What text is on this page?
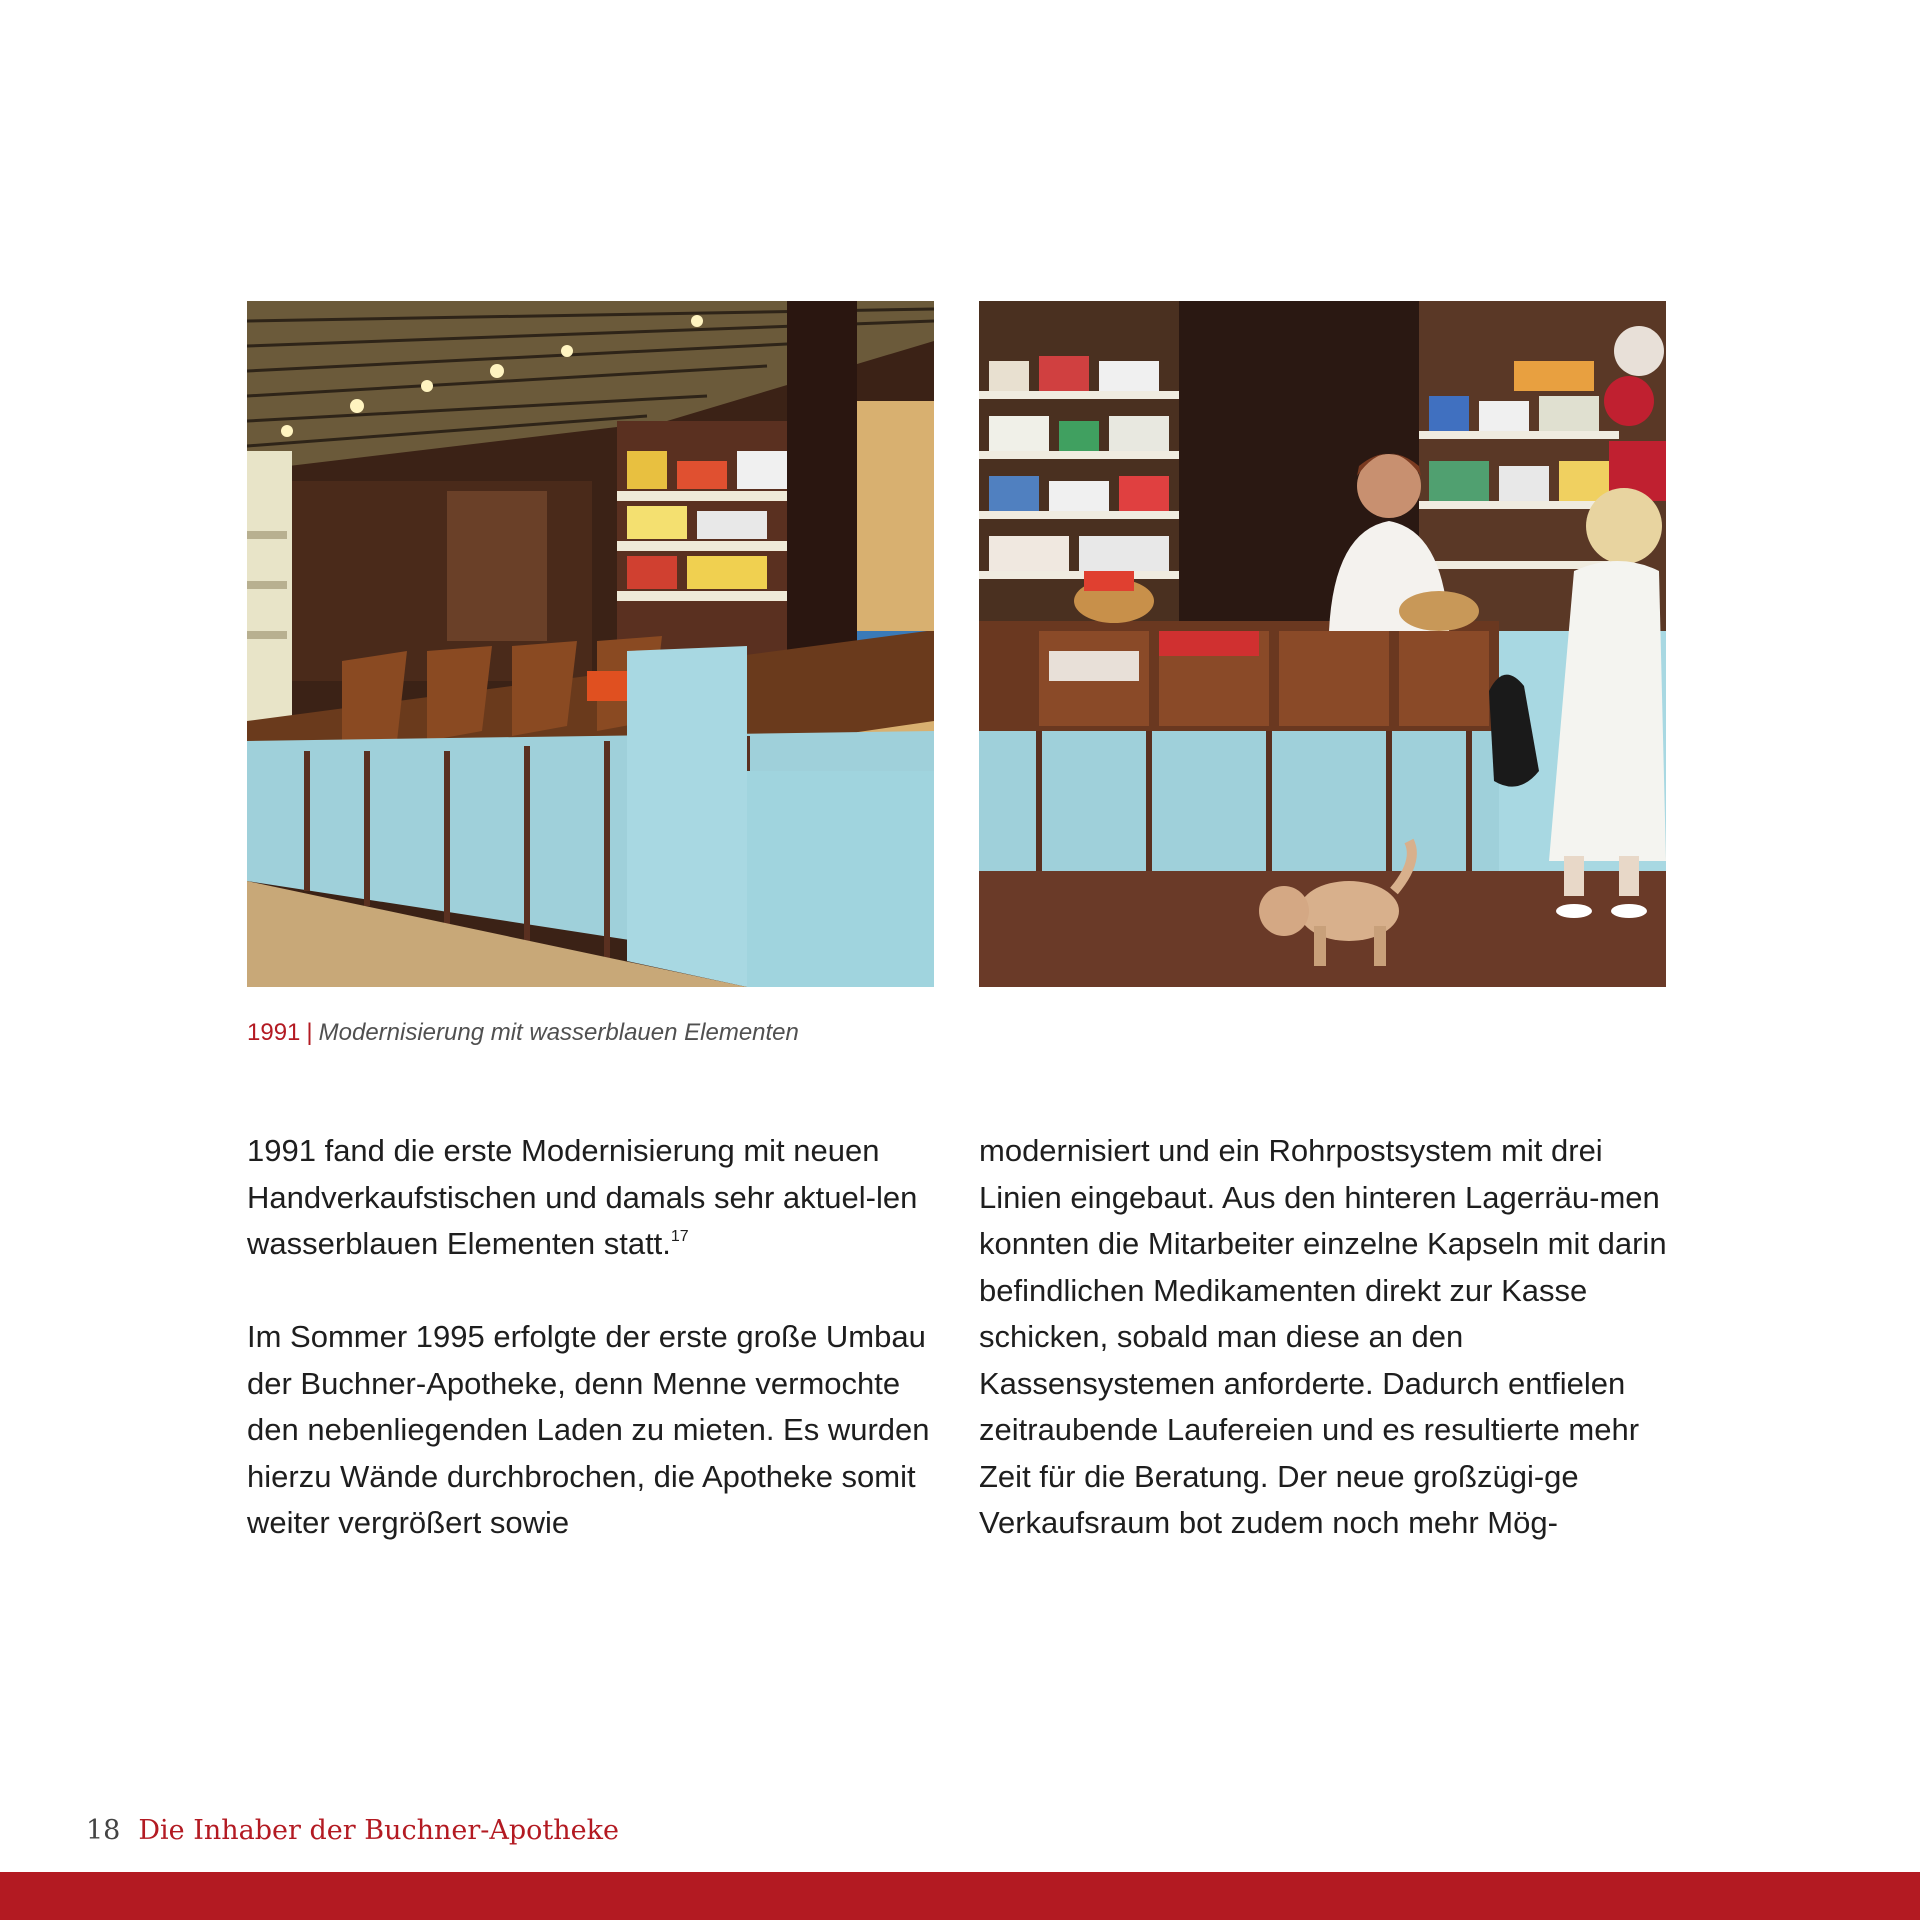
1991 | Modernisierung mit wasserblauen Elementen

1991 fand die erste Modernisierung mit neuen Handverkaufstischen und damals sehr aktuel-len wasserblauen Elementen statt.$^{17}$

Im Sommer 1995 erfolgte der erste große Umbau der Buchner-Apotheke, denn Menne vermochte den nebenliegenden Laden zu mieten. Es wurden hierzu Wände durchbrochen, die Apotheke somit weiter vergrößert sowie

modernisiert und ein Rohrpostsystem mit drei Linien eingebaut. Aus den hinteren Lagerräu-men konnten die Mitarbeiter einzelne Kapseln mit darin befindlichen Medikamenten direkt zur Kasse schicken, sobald man diese an den Kassensystemen anforderte. Dadurch entfielen zeitraubende Laufereien und es resultierte mehr Zeit für die Beratung. Der neue großzügi-ge Verkaufsraum bot zudem noch mehr Mög-

18 Die Inhaber der Buchner-Apotheke
